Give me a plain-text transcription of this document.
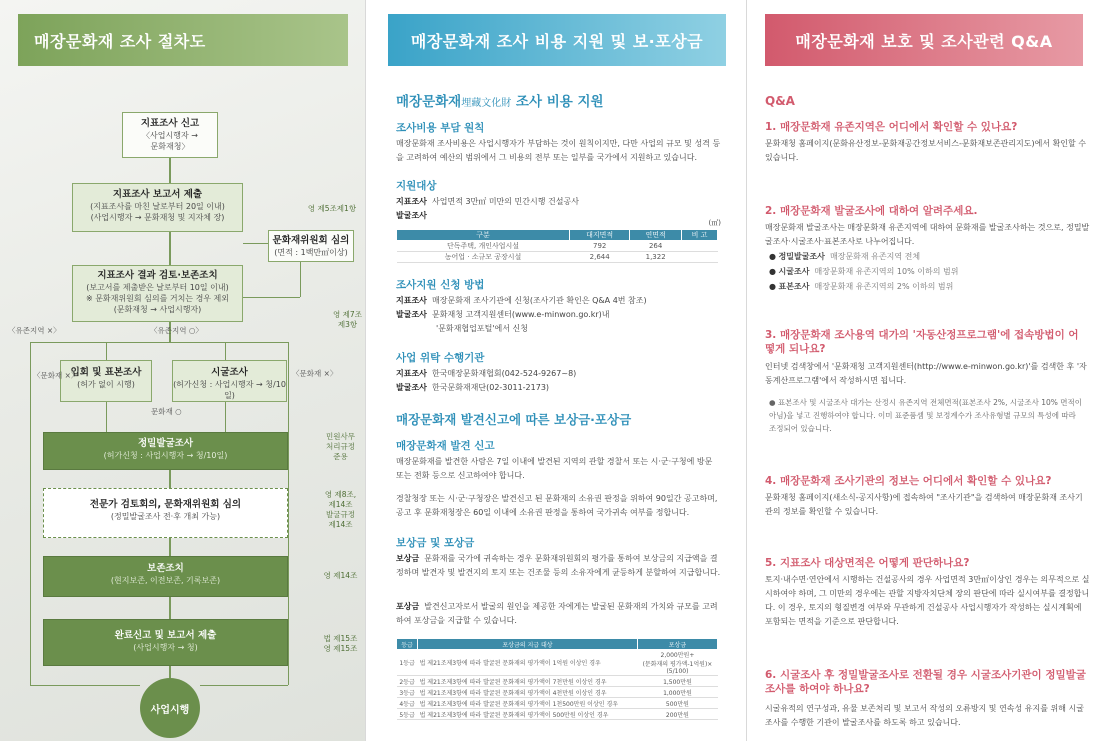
매장문화재 조사 절차도
지표조사 신고
〈사업시행자 →
문화재청〉
지표조사 보고서 제출
(지표조사를 마친 날로부터 20일 이내)
(사업시행자 → 문화재청 및 지자체 장)
문화재위원회 심의
(면적 : 1백만㎡이상)
지표조사 결과 검토·보존조치
(보고서를 제출받은 날로부터 10일 이내)
※ 문화재위원회 심의를 거치는 경우 제외
(문화재청 → 사업시행자)
입회 및 표본조사
(허가 없이 시행)
시굴조사
(허가신청 : 사업시행자 → 청/10일)
정밀발굴조사
(허가신청 : 사업시행자 → 청/10일)
전문가 검토회의, 문화재위원회 심의
(정밀발굴조사 전·후 개최 가능)
보존조치
(현지보존, 이전보존, 기록보존)
완료신고 및 보고서 제출
(사업시행자 → 청)
사업시행
〈유존지역 ×〉	〈유존지역 ○〉
〈문화재 ×〉	〈문화재 ×〉
문화재 ○
영 제5조제1항
영 제7조
제3항
민원사무
처리규정
준용
영 제8조,
제14조
발굴규정
제14조
영 제14조
법 제15조
영 제15조
매장문화재 조사 비용 지원 및 보·포상금
매장문화재埋藏文化財 조사 비용 지원
조사비용 부담 원칙
매장문화재 조사비용은 사업시행자가 부담하는 것이 원칙이지만, 다만 사업의 규모 및 성격 등을 고려하여 예산의 범위에서 그 비용의 전부 또는 일부를 국가에서 지원하고 있습니다.
지원대상
지표조사 사업면적 3만㎡ 미만의 민간시행 건설공사
발굴조사
(㎡)
구분	대지면적	연면적	비 고
단독주택, 개인사업시설	792	264	
농어업 · 소규모 공장시설	2,644	1,322	
조사지원 신청 방법
지표조사 매장문화재 조사기관에 신청(조사기관 확인은 Q&A 4번 참조)
발굴조사 문화재청 고객지원센터(www.e-minwon.go.kr)내
'문화재협업포털'에서 신청
사업 위탁 수행기관
지표조사 한국매장문화재협회(042-524-9267~8)
발굴조사 한국문화재재단(02-3011-2173)
매장문화재 발견신고에 따른 보상금·포상금
매장문화재 발견 신고
매장문화재를 발견한 사람은 7일 이내에 발견된 지역의 관할 경찰서 또는 시·군·구청에 방문 또는 전화 등으로 신고하여야 합니다.
경찰청장 또는 시·군·구청장은 발견신고 된 문화재의 소유권 판정을 위하여 90일간 공고하며, 공고 후 문화재청장은 60일 이내에 소유권 판정을 통하여 국가귀속 여부를 정합니다.
보상금 및 포상금
보상금 문화재를 국가에 귀속하는 경우 문화재위원회의 평가를 통하여 보상금의 지급액을 결정하며 발견자 및 발견지의 토지 또는 건조물 등의 소유자에게 균등하게 분할하여 지급합니다.
포상금 발견신고자로서 발굴의 원인을 제공한 자에게는 발굴된 문화재의 가치와 규모를 고려하여 포상금을 지급할 수 있습니다.
등급	포상금의 지급 대상	포상금
1등급	법 제21조제3항에 따라 발굴된 문화재의 평가액이 1억원 이상인 경우	2,000만원+
(문화재의 평가액-1억원)×
(5/100)
2등급	법 제21조제3항에 따라 발굴된 문화재의 평가액이 7천만원 이상인 경우	1,500만원
3등급	법 제21조제3항에 따라 발굴된 문화재의 평가액이 4천만원 이상인 경우	1,000만원
4등급	법 제21조제3항에 따라 발굴된 문화재의 평가액이 1천500만원 이상인 경우	500만원
5등급	법 제21조제3항에 따라 발굴된 문화재의 평가액이 500만원 이상인 경우	200만원
매장문화재 보호 및 조사관련 Q&A
Q&A
1. 매장문화재 유존지역은 어디에서 확인할 수 있나요?
문화재청 홈페이지(문화유산정보-문화재공간정보서비스-문화재보존관리지도)에서 확인할 수 있습니다.
2. 매장문화재 발굴조사에 대하여 알려주세요.
매장문화재 발굴조사는 매장문화재 유존지역에 대하여 문화재를 발굴조사하는 것으로, 정밀발굴조사·시굴조사·표본조사로 나누어집니다.
● 정밀발굴조사 매장문화재 유존지역 전체
● 시굴조사 매장문화재 유존지역의 10% 이하의 범위
● 표본조사 매장문화재 유존지역의 2% 이하의 범위
3. 매장문화재 조사용역 대가의 '자동산정프로그램'에 접속방법이 어떻게 되나요?
인터넷 검색창에서 '문화재청 고객지원센터(http://www.e-minwon.go.kr)'를 검색한 후 '자동계산프로그램'에서 작성하시면 됩니다.
● 표본조사 및 시굴조사 대가는 산정시 유존지역 전체면적(표본조사 2%, 시굴조사 10% 면적이 아님)을 넣고 진행하여야 합니다. 이미 표준품셈 및 보정계수가 조사유형별 규모의 특성에 따라 조정되어 있습니다.
4. 매장문화재 조사기관의 정보는 어디에서 확인할 수 있나요?
문화재청 홈페이지(새소식-공지사항)에 접속하여 "조사기관"을 검색하여 매장문화재 조사기관의 정보를 확인할 수 있습니다.
5. 지표조사 대상면적은 어떻게 판단하나요?
토지·내수면·연안에서 시행하는 건설공사의 경우 사업면적 3만㎡이상인 경우는 의무적으로 실시하여야 하며, 그 미만의 경우에는 관할 지방자치단체 장의 판단에 따라 실시여부를 결정합니다. 이 경우, 토지의 형질변경 여부와 무관하게 건설공사 사업시행자가 작성하는 실시계획에 포함되는 면적을 기준으로 판단합니다.
6. 시굴조사 후 정밀발굴조사로 전환될 경우 시굴조사기관이 정밀발굴조사를 하여야 하나요?
시굴유적의 연구성과, 유물 보존처리 및 보고서 작성의 오류방지 및 연속성 유지를 위해 시굴조사를 수행한 기관이 발굴조사를 하도록 하고 있습니다.
